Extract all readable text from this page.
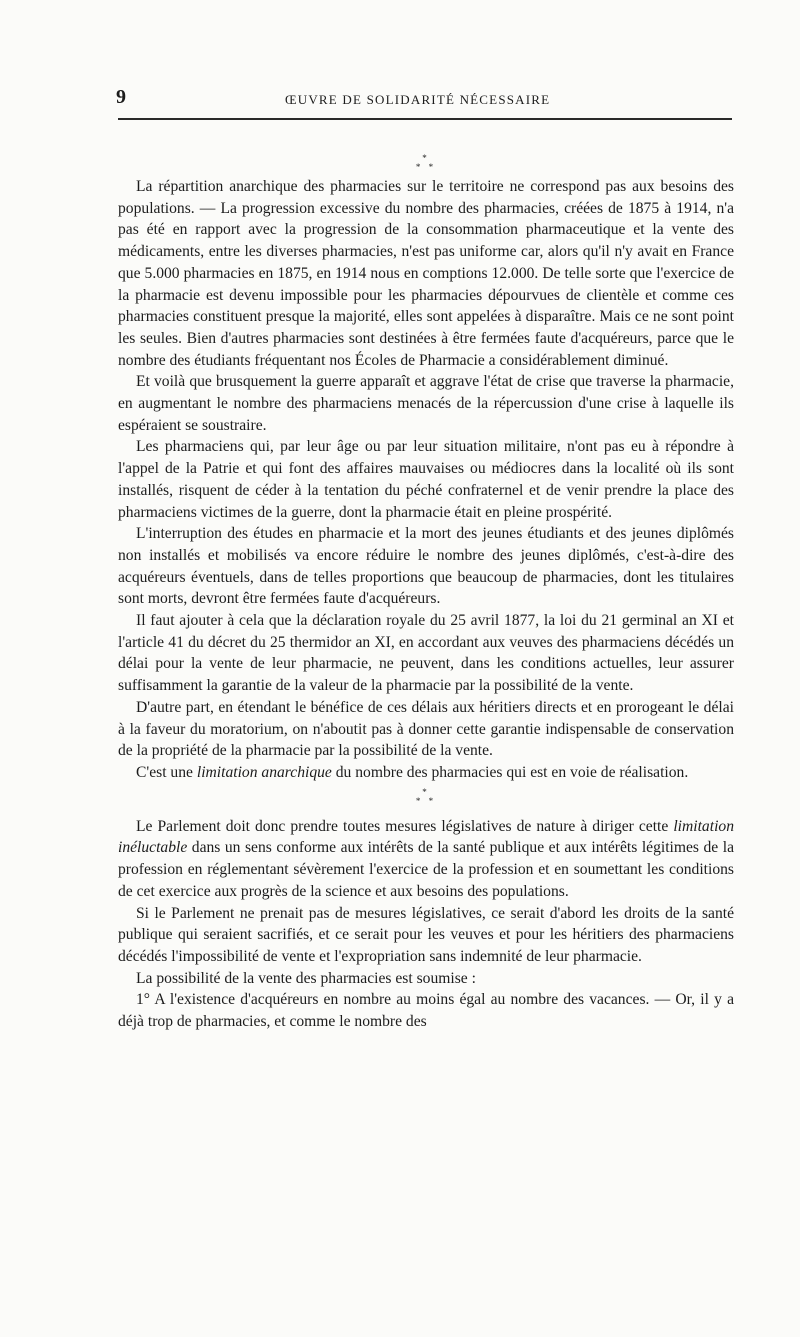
9	ŒUVRE DE SOLIDARITÉ NÉCESSAIRE
*
* *

La répartition anarchique des pharmacies sur le territoire ne correspond pas aux besoins des populations. — La progression excessive du nombre des pharmacies, créées de 1875 à 1914, n'a pas été en rapport avec la progression de la consommation pharmaceutique et la vente des médicaments, entre les diverses pharmacies, n'est pas uniforme car, alors qu'il n'y avait en France que 5.000 pharmacies en 1875, en 1914 nous en comptions 12.000. De telle sorte que l'exercice de la pharmacie est devenu impossible pour les pharmacies dépourvues de clientèle et comme ces pharmacies constituent presque la majorité, elles sont appelées à disparaître. Mais ce ne sont point les seules. Bien d'autres pharmacies sont destinées à être fermées faute d'acquéreurs, parce que le nombre des étudiants fréquentant nos Écoles de Pharmacie a considérablement diminué.

Et voilà que brusquement la guerre apparaît et aggrave l'état de crise que traverse la pharmacie, en augmentant le nombre des pharmaciens menacés de la répercussion d'une crise à laquelle ils espéraient se soustraire.

Les pharmaciens qui, par leur âge ou par leur situation militaire, n'ont pas eu à répondre à l'appel de la Patrie et qui font des affaires mauvaises ou médiocres dans la localité où ils sont installés, risquent de céder à la tentation du péché confraternel et de venir prendre la place des pharmaciens victimes de la guerre, dont la pharmacie était en pleine prospérité.

L'interruption des études en pharmacie et la mort des jeunes étudiants et des jeunes diplômés non installés et mobilisés va encore réduire le nombre des jeunes diplômés, c'est-à-dire des acquéreurs éventuels, dans de telles proportions que beaucoup de pharmacies, dont les titulaires sont morts, devront être fermées faute d'acquéreurs.

Il faut ajouter à cela que la déclaration royale du 25 avril 1877, la loi du 21 germinal an XI et l'article 41 du décret du 25 thermidor an XI, en accordant aux veuves des pharmaciens décédés un délai pour la vente de leur pharmacie, ne peuvent, dans les conditions actuelles, leur assurer suffisamment la garantie de la valeur de la pharmacie par la possibilité de la vente.

D'autre part, en étendant le bénéfice de ces délais aux héritiers directs et en prorogeant le délai à la faveur du moratorium, on n'aboutit pas à donner cette garantie indispensable de conservation de la propriété de la pharmacie par la possibilité de la vente.

C'est une limitation anarchique du nombre des pharmacies qui est en voie de réalisation.

*
* *

Le Parlement doit donc prendre toutes mesures législatives de nature à diriger cette limitation inéluctable dans un sens conforme aux intérêts de la santé publique et aux intérêts légitimes de la profession en réglementant sévèrement l'exercice de la profession et en soumettant les conditions de cet exercice aux progrès de la science et aux besoins des populations.

Si le Parlement ne prenait pas de mesures législatives, ce serait d'abord les droits de la santé publique qui seraient sacrifiés, et ce serait pour les veuves et pour les héritiers des pharmaciens décédés l'impossibilité de vente et l'expropriation sans indemnité de leur pharmacie.

La possibilité de la vente des pharmacies est soumise :

1° A l'existence d'acquéreurs en nombre au moins égal au nombre des vacances. — Or, il y a déjà trop de pharmacies, et comme le nombre des
